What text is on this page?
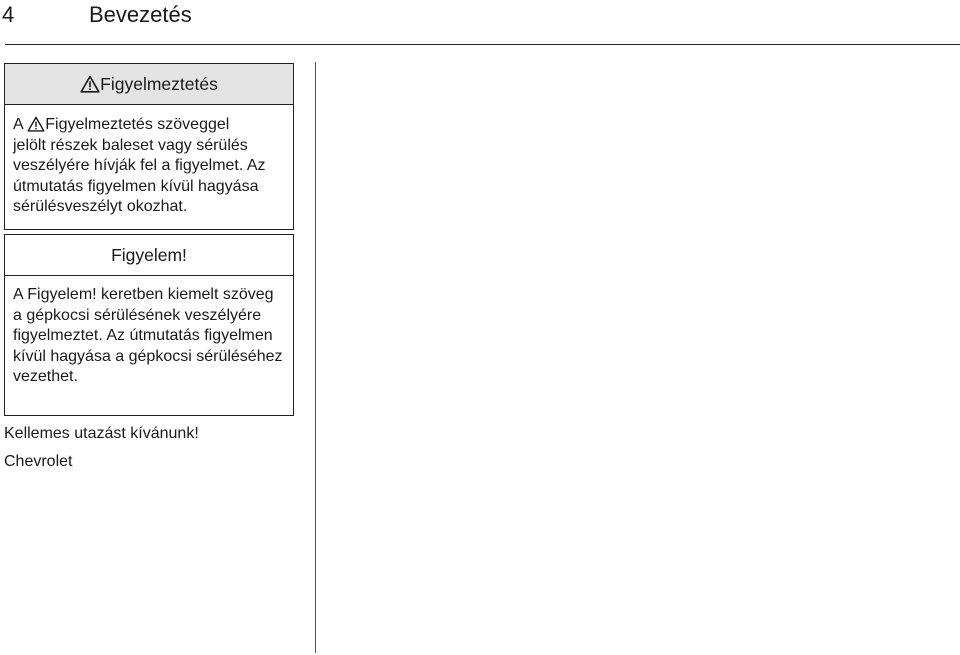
4	Bevezetés
Figyelmeztetés
A
Figyelmeztetés szöveggel
jelölt részek baleset vagy sérülés veszélyére hívják fel a figyelmet. Az útmutatás figyelmen kívül hagyása sérülésveszélyt okozhat.
Figyelem!
A Figyelem! keretben kiemelt szöveg a gépkocsi sérülésének veszélyére figyelmeztet. Az útmutatás figyelmen kívül hagyása a gépkocsi sérüléséhez vezethet.
Kellemes utazást kívánunk!
Chevrolet
